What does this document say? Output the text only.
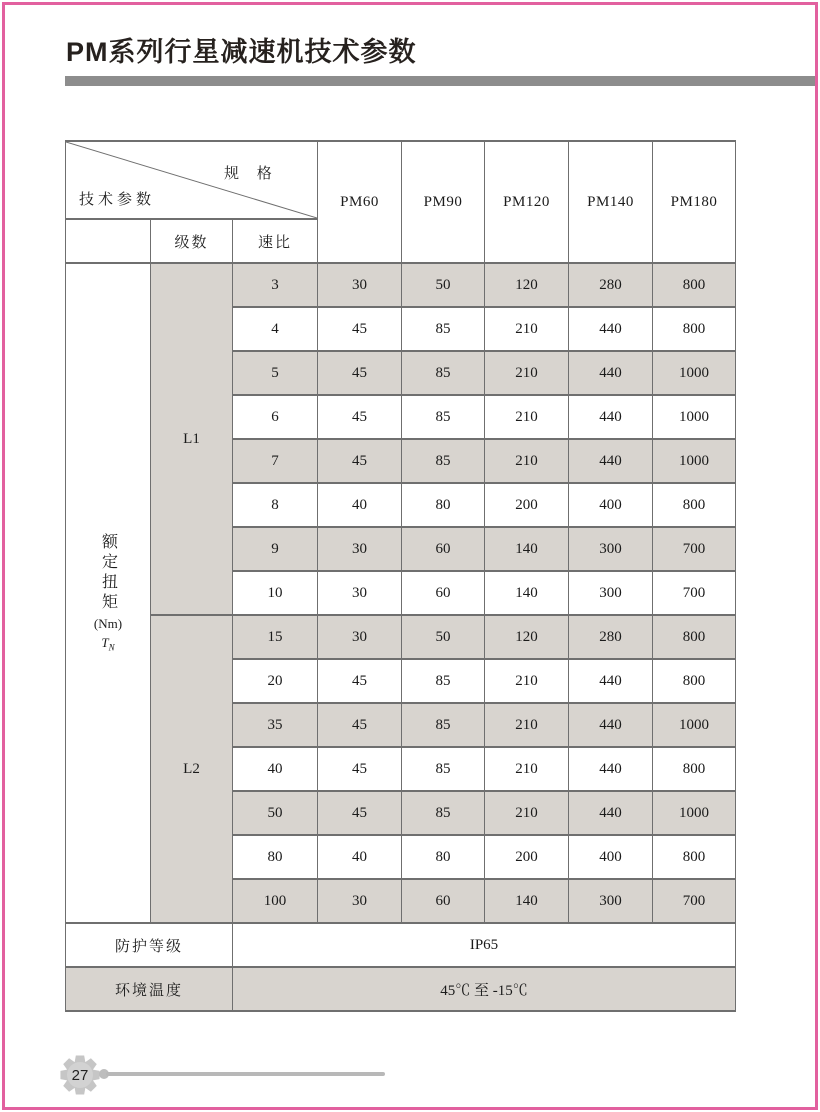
PM系列行星减速机技术参数
规 格
技术参数			PM60	PM90	PM120	PM140	PM180
	级数	速比					

额定扭矩
(Nm)
$T_N$	L1	3	30	50	120	280	800
		4	45	85	210	440	800
		5	45	85	210	440	1000
		6	45	85	210	440	1000
		7	45	85	210	440	1000
		8	40	80	200	400	800
		9	30	60	140	300	700
		10	30	60	140	300	700
	L2	15	30	50	120	280	800
		20	45	85	210	440	800
		35	45	85	210	440	1000
		40	45	85	210	440	800
		50	45	85	210	440	1000
		80	40	80	200	400	800
		100	30	60	140	300	700
防护等级		IP65					
环境温度		45℃ 至 -15℃					
27
